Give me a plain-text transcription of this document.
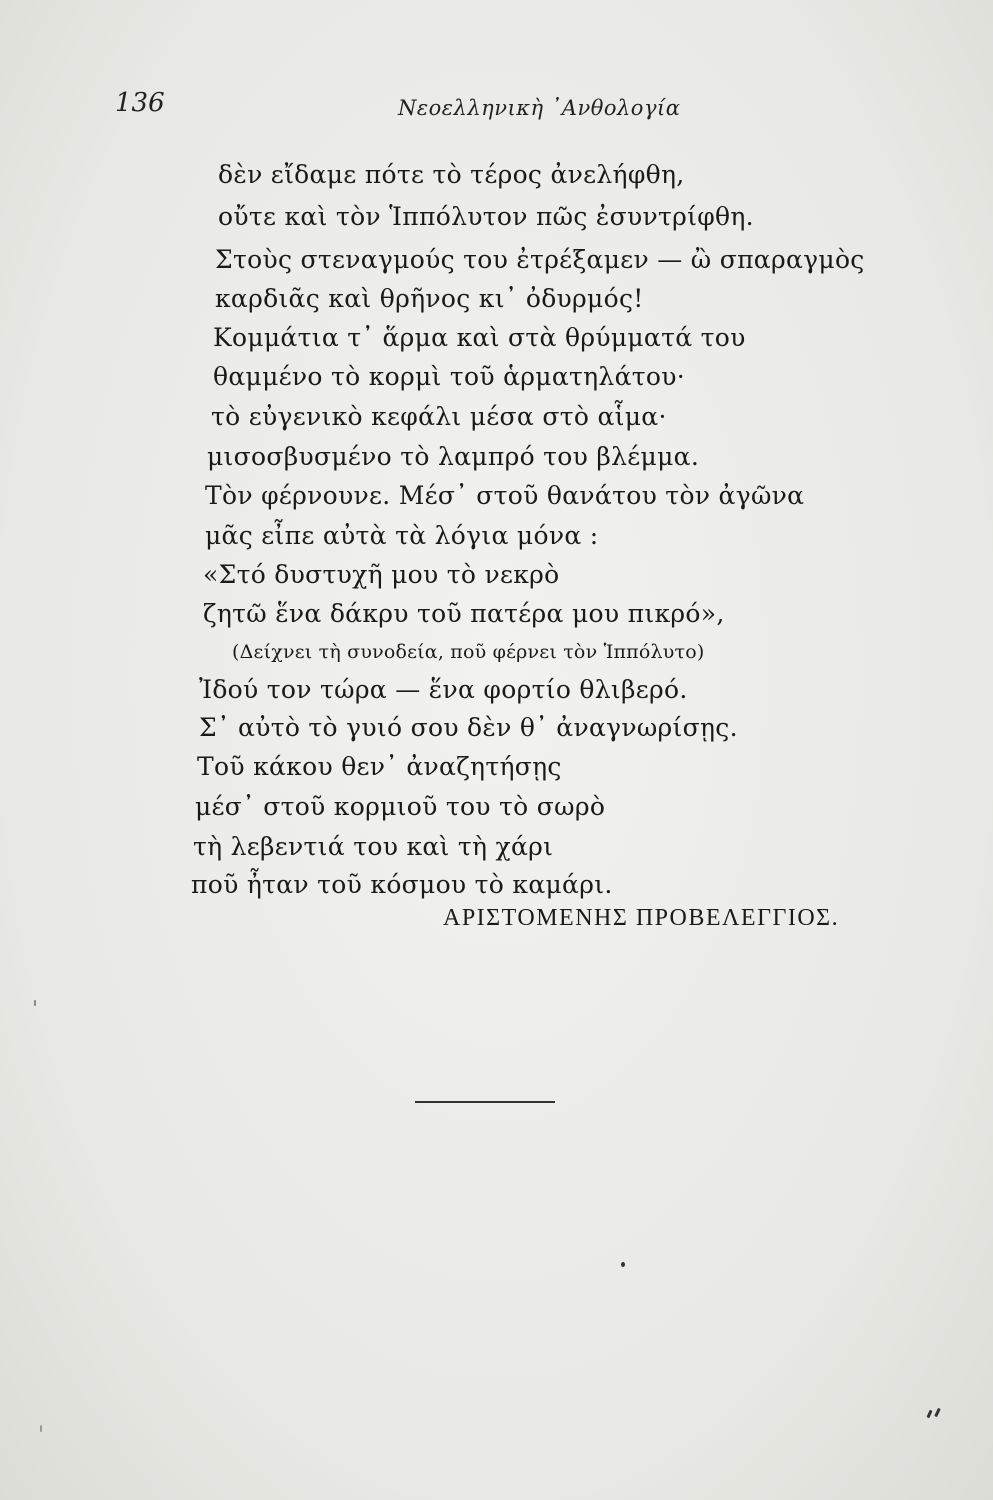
136	Νεοελληνικὴ ᾿Ανθολογία
δὲν εἴδαμε πότε τὸ τέρος ἀνελήφθη,
οὔτε καὶ τὸν Ἱππόλυτον πῶς ἐσυντρίφθη.
Στοὺς στεναγμούς του ἐτρέξαμεν — ὢ σπαραγμὸς
καρδιᾶς καὶ θρῆνος κι᾿ ὀδυρμός!
Κομμάτια τ᾿ ἅρμα καὶ στὰ θρύμματά του
θαμμένο τὸ κορμὶ τοῦ ἁρματηλάτου·
τὸ εὐγενικὸ κεφάλι μέσα στὸ αἷμα·
μισοσβυσμένο τὸ λαμπρό του βλέμμα.
Τὸν φέρνουνε. Μέσ᾿ στοῦ θανάτου τὸν ἀγῶνα
μᾶς εἶπε αὐτὰ τὰ λόγια μόνα :
«Στό δυστυχῆ μου τὸ νεκρὸ
ζητῶ ἕνα δάκρυ τοῦ πατέρα μου πικρό»,
(Δείχνει τὴ συνοδεία, ποῦ φέρνει τὸν Ἱππόλυτο)
Ἰδού τον τώρα — ἕνα φορτίο θλιβερό.
Σ᾿ αὐτὸ τὸ γυιό σου δὲν θ᾿ ἀναγνωρίσῃς.
Τοῦ κάκου θεν᾿ ἀναζητήσῃς
μέσ᾿ στοῦ κορμιοῦ του τὸ σωρὸ
τὴ λεβεντιά του καὶ τὴ χάρι
ποῦ ἦταν τοῦ κόσμου τὸ καμάρι.
ΑΡΙΣΤΟΜΕΝΗΣ ΠΡΟΒΕΛΕΓΓΙΟΣ.
